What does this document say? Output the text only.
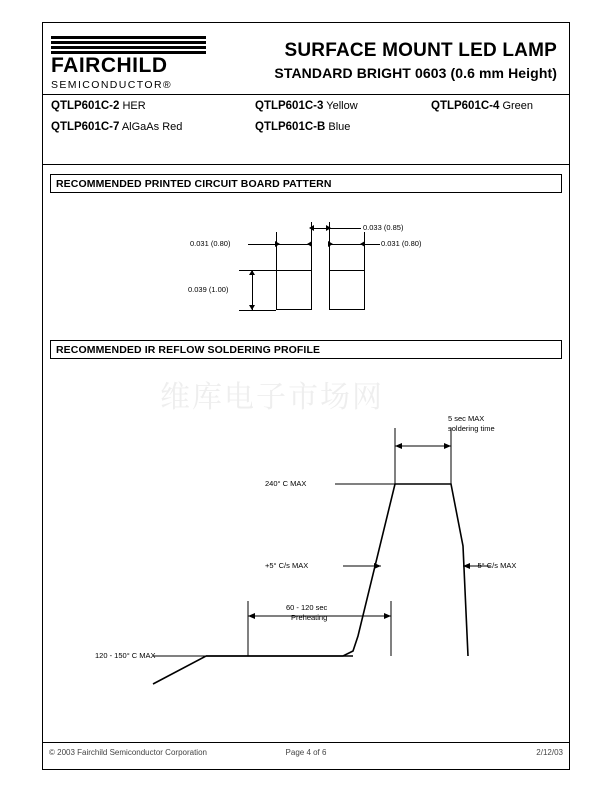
FAIRCHILD
SEMICONDUCTOR®
SURFACE MOUNT LED LAMP
STANDARD BRIGHT 0603 (0.6 mm Height)
QTLP601C-2 HER	QTLP601C-3 Yellow	QTLP601C-4 Green
QTLP601C-7 AlGaAs Red	QTLP601C-B Blue
RECOMMENDED PRINTED CIRCUIT BOARD PATTERN
0.033 (0.85)
0.031 (0.80)	0.031 (0.80)
0.039 (1.00)
RECOMMENDED IR REFLOW SOLDERING PROFILE
维库电子市场网
5 sec MAX
soldering time
240° C MAX
+5° C/s MAX	-5° C/s MAX
60 - 120 sec
Preheating
120 - 150° C MAX
Page 4 of 6
© 2003 Fairchild Semiconductor Corporation	2/12/03
